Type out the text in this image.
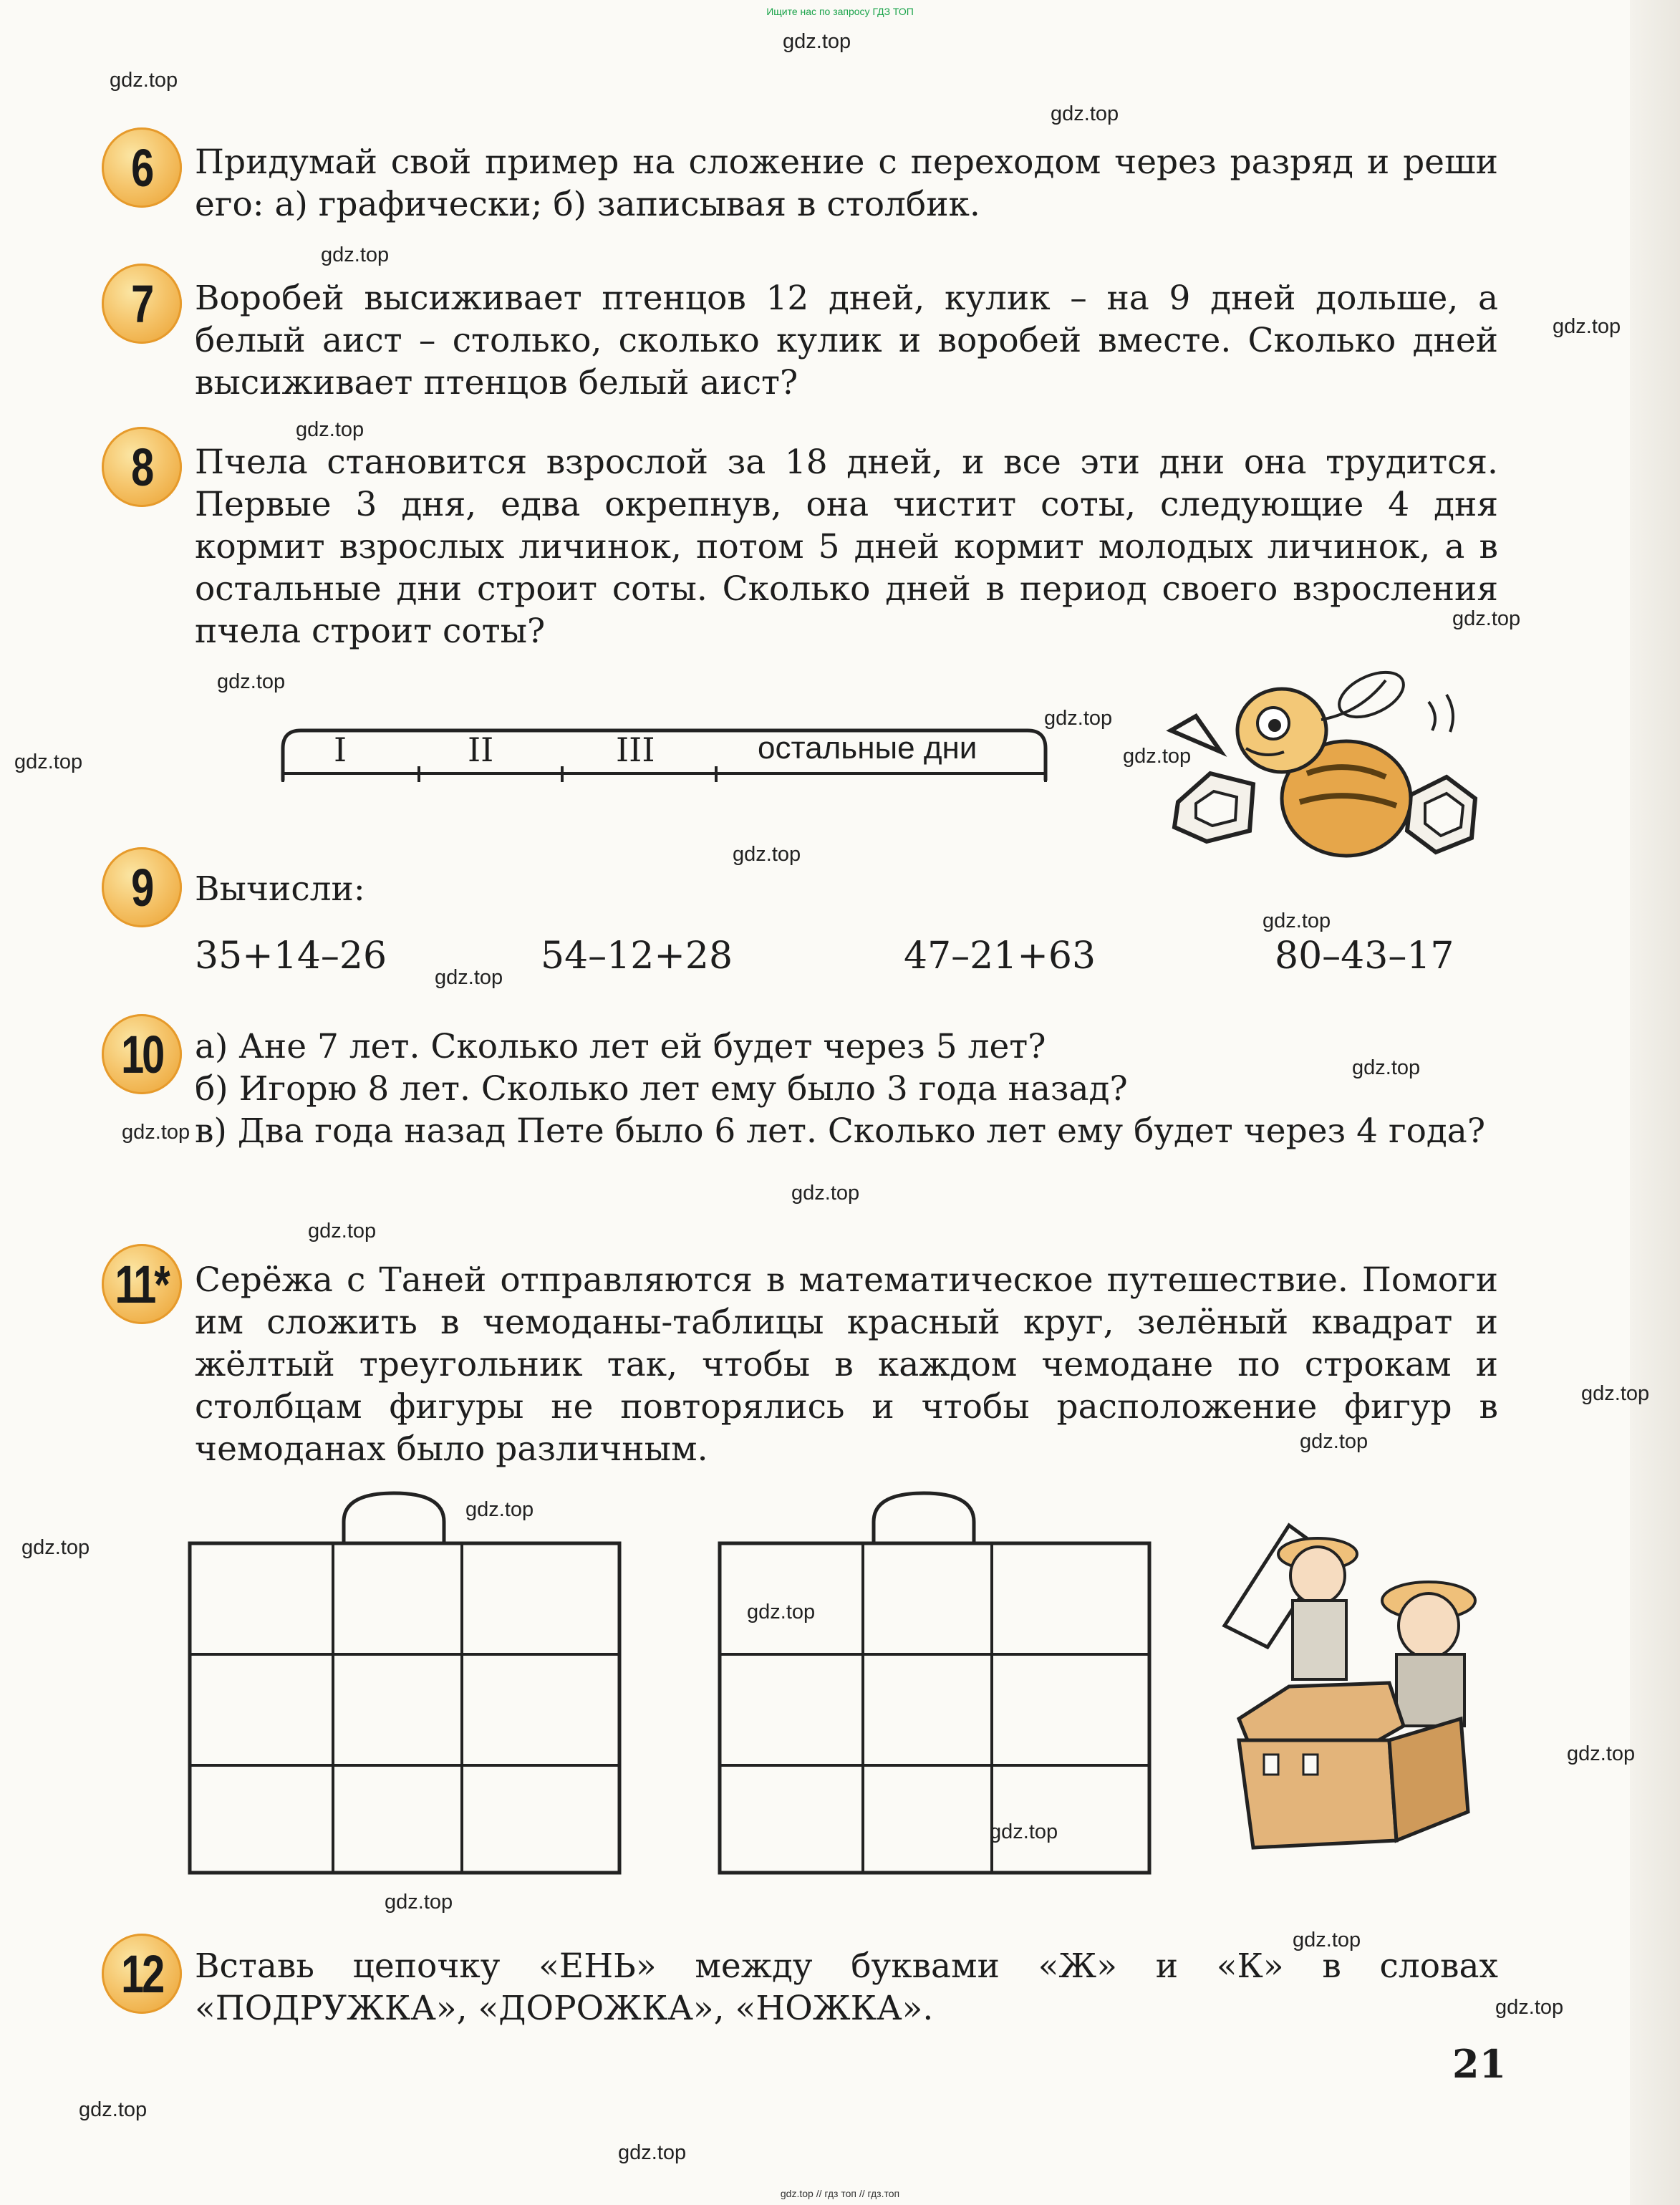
Ищите нас по запросу ГДЗ ТОП
gdz.top
gdz.top
gdz.top
gdz.top
gdz.top
gdz.top
gdz.top
gdz.top
gdz.top
gdz.top
gdz.top
gdz.top
gdz.top
gdz.top
gdz.top
gdz.top
gdz.top
gdz.top
gdz.top
gdz.top
gdz.top
gdz.top
gdz.top
gdz.top
gdz.top
gdz.top
gdz.top
gdz.top
gdz.top
gdz.top
6 Придумай свой пример на сложение с переходом через разряд и реши его: а) графически; б) записывая в столбик.

7 Воробей высиживает птенцов 12 дней, кулик – на 9 дней дольше, а белый аист – столько, сколько кулик и воробей вместе. Сколько дней высиживает птенцов белый аист?

8 Пчела становится взрослой за 18 дней, и все эти дни она трудится. Первые 3 дня, едва окрепнув, она чистит соты, следующие 4 дня кормит взрослых личинок, потом 5 дней кормит молодых личинок, а в остальные дни строит соты. Сколько дней в период своего взросления пчела строит соты?

I	II	III	остальные дни
9 Вычисли:

35+14–26	54–12+28	47–21+63	80–43–17
10 а) Ане 7 лет. Сколько лет ей будет через 5 лет?

б) Игорю 8 лет. Сколько лет ему было 3 года назад?

в) Два года назад Пете было 6 лет. Сколько лет ему будет через 4 года?

11* Серёжа с Таней отправляются в математическое путешествие. Помоги им сложить в чемоданы-таблицы красный круг, зелёный квадрат и жёлтый треугольник так, чтобы в каждом чемодане по строкам и столбцам фигуры не повторялись и чтобы расположение фигур в чемоданах было различным.

12 Вставь цепочку «ЕНЬ» между буквами «Ж» и «К» в словах «ПОДРУЖКА», «ДОРОЖКА», «НОЖКА».

21
gdz.top // гдз топ // гдз.топ
